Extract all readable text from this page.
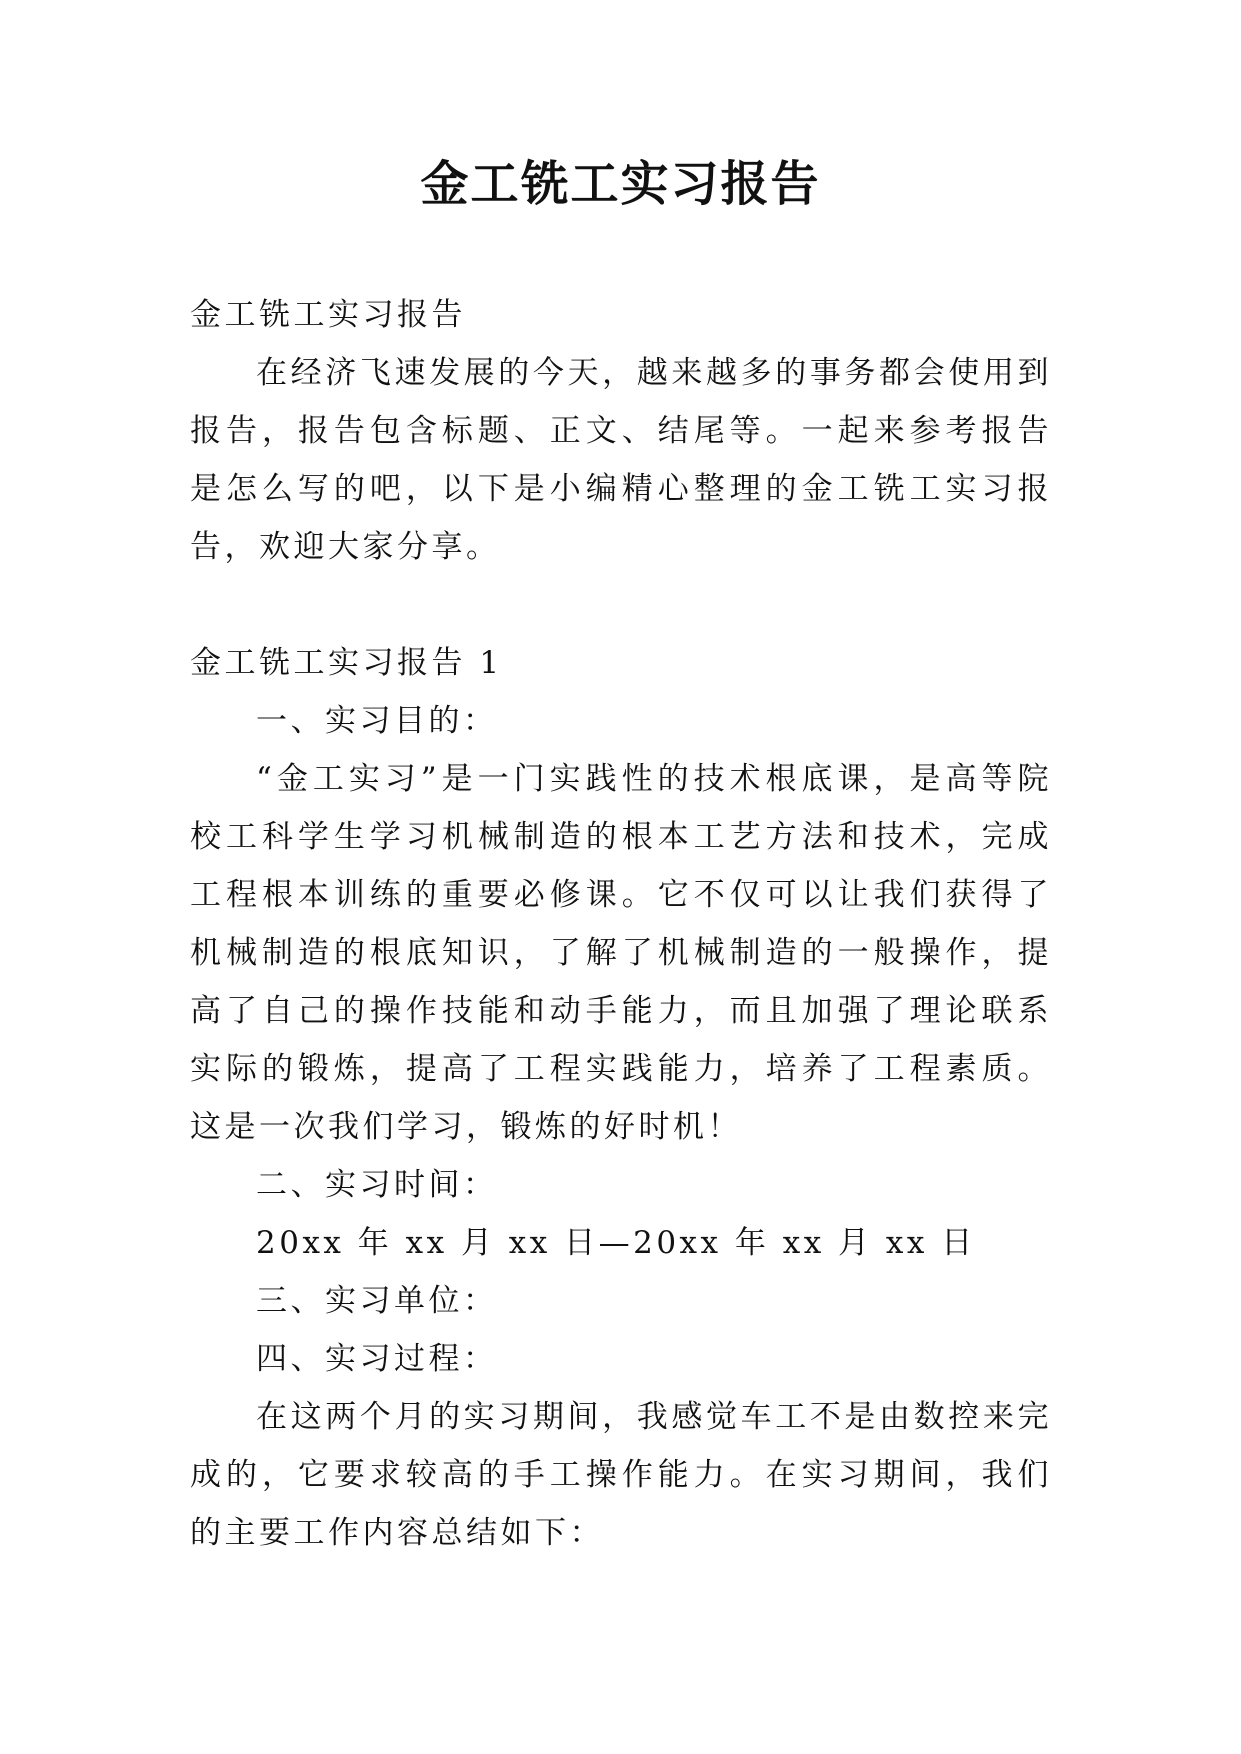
金工铣工实习报告

金工铣工实习报告

在经济飞速发展的今天，越来越多的事务都会使用到报告，报告包含标题、正文、结尾等。一起来参考报告是怎么写的吧，以下是小编精心整理的金工铣工实习报告，欢迎大家分享。

金工铣工实习报告 1

一、实习目的：

“金工实习”是一门实践性的技术根底课，是高等院校工科学生学习机械制造的根本工艺方法和技术，完成工程根本训练的重要必修课。它不仅可以让我们获得了机械制造的根底知识，了解了机械制造的一般操作，提高了自己的操作技能和动手能力，而且加强了理论联系实际的锻炼，提高了工程实践能力，培养了工程素质。这是一次我们学习，锻炼的好时机！

二、实习时间：

20xx 年 xx 月 xx 日—20xx 年 xx 月 xx 日

三、实习单位：

四、实习过程：

在这两个月的实习期间，我感觉车工不是由数控来完成的，它要求较高的手工操作能力。在实习期间，我们的主要工作内容总结如下：
